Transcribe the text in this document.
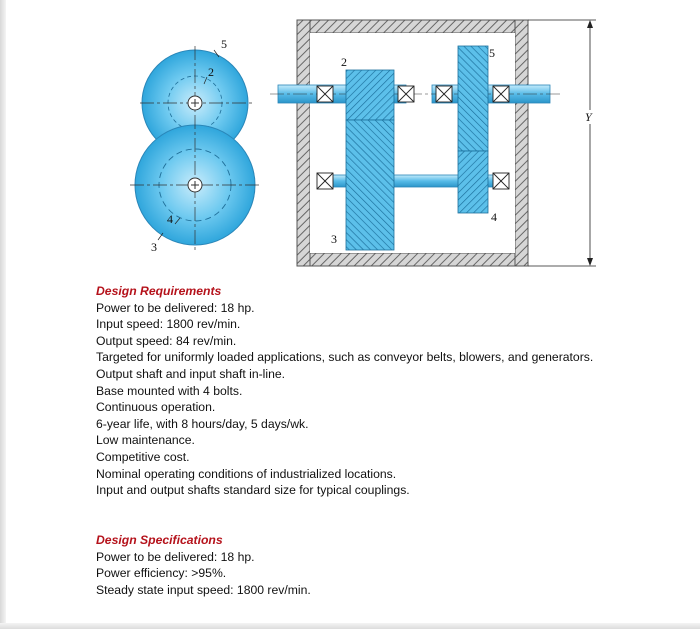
5
2
4
3
2
3
5
4
Y
Design Requirements
Power to be delivered: 18 hp.
Input speed: 1800 rev/min.
Output speed: 84 rev/min.
Targeted for uniformly loaded applications, such as conveyor belts, blowers, and generators.
Output shaft and input shaft in-line.
Base mounted with 4 bolts.
Continuous operation.
6-year life, with 8 hours/day, 5 days/wk.
Low maintenance.
Competitive cost.
Nominal operating conditions of industrialized locations.
Input and output shafts standard size for typical couplings.
Design Specifications
Power to be delivered: 18 hp.
Power efficiency: >95%.
Steady state input speed: 1800 rev/min.
